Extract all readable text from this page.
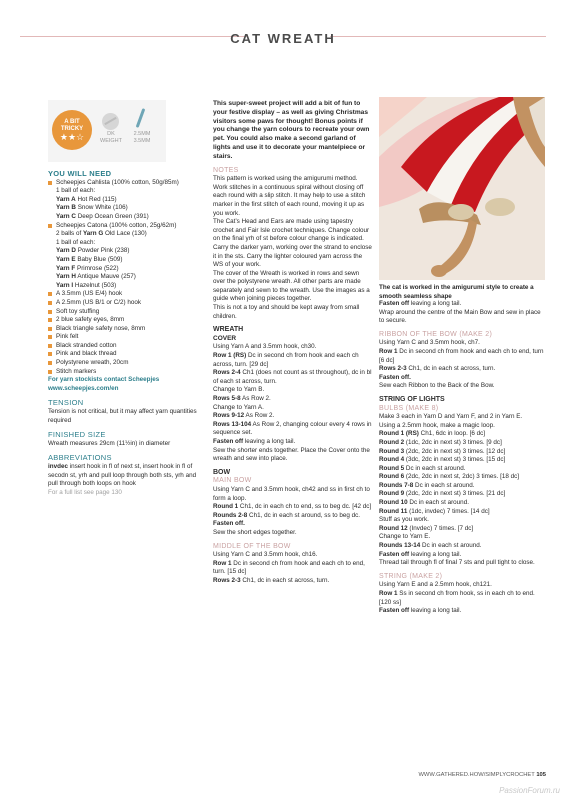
CAT WREATH
A BIT
TRICKY
★★☆	DK
WEIGHT
2.5MM
3.5MM
YOU WILL NEED
Scheepjes Cahlista (100% cotton, 50g/85m)
1 ball of each:
Yarn A Hot Red (115)
Yarn B Snow White (106)
Yarn C Deep Ocean Green (391)
Scheepjes Catona (100% cotton, 25g/62m)
2 balls of Yarn G Old Lace (130)
1 ball of each:
Yarn D Powder Pink (238)
Yarn E Baby Blue (509)
Yarn F Primrose (522)
Yarn H Antique Mauve (257)
Yarn I Hazelnut (503)
A 3.5mm (US E/4) hook
A 2.5mm (US B/1 or C/2) hook
Soft toy stuffing
2 blue safety eyes, 8mm
Black triangle safety nose, 8mm
Pink felt
Black stranded cotton
Pink and black thread
Polystyrene wreath, 20cm
Stitch markers
For yarn stockists contact Scheepjes www.scheepjes.com/en
TENSION

Tension is not critical, but it may affect yarn quantities required

FINISHED SIZE

Wreath measures 29cm (11½in) in diameter

ABBREVIATIONS

invdec insert hook in fl of next st, insert hook in fl of secodn st, yrh and pull loop through both sts, yrh and pull through both loops on hook

For a full list see page 130

This super-sweet project will add a bit of fun to your festive display – as well as giving Christmas visitors some paws for thought! Bonus points if you change the yarn colours to recreate your own pet. You could also make a second garland of lights and use it to decorate your mantelpiece or stairs.

NOTES

This pattern is worked using the amigurumi method. Work stitches in a continuous spiral without closing off each round with a slip stitch. It may help to use a stitch marker in the first stitch of each round, moving it up as you work.

The Cat’s Head and Ears are made using tapestry crochet and Fair Isle crochet techniques. Change colour on the final yrh of st before colour change is indicated. Carry the darker yarn, working over the strand to enclose it in the sts. Carry the lighter coloured yarn across the WS of your work.

The cover of the Wreath is worked in rows and sewn over the polystyrene wreath. All other parts are made separately and sewn to the wreath. Use the images as a guide when joining pieces together.

This is not a toy and should be kept away from small children.

WREATH
COVER

Using Yarn A and 3.5mm hook, ch30.

Row 1 (RS) Dc in second ch from hook and each ch across, turn. [29 dc]

Rows 2-4 Ch1 (does not count as st throughout), dc in bl of each st across, turn.

Change to Yarn B.

Rows 5-8 As Row 2.

Change to Yarn A.

Rows 9-12 As Row 2.

Rows 13-104 As Row 2, changing colour every 4 rows in sequence set.

Fasten off leaving a long tail.

Sew the shorter ends together. Place the Cover onto the wreath and sew into place.

BOW
MAIN BOW

Using Yarn C and 3.5mm hook, ch42 and ss in first ch to form a loop.

Round 1 Ch1, dc in each ch to end, ss to beg dc. [42 dc]

Rounds 2-8 Ch1, dc in each st around, ss to beg dc.

Fasten off.

Sew the short edges together.

MIDDLE OF THE BOW

Using Yarn C and 3.5mm hook, ch16.

Row 1 Dc in second ch from hook and each ch to end, turn. [15 dc]

Rows 2-3 Ch1, dc in each st across, turn.

The cat is worked in the amigurumi style to create a smooth seamless shape

Fasten off leaving a long tail.

Wrap around the centre of the Main Bow and sew in place to secure.

RIBBON OF THE BOW (MAKE 2)

Using Yarn C and 3.5mm hook, ch7.

Row 1 Dc in second ch from hook and each ch to end, turn [6 dc]

Rows 2-3 Ch1, dc in each st across, turn.

Fasten off.

Sew each Ribbon to the Back of the Bow.

STRING OF LIGHTS
BULBS (MAKE 8)

Make 3 each in Yarn D and Yarn F, and 2 in Yarn E.

Using a 2.5mm hook, make a magic loop.

Round 1 (RS) Ch1, 6dc in loop. [6 dc]

Round 2 (1dc, 2dc in next st) 3 times. [9 dc]

Round 3 (2dc, 2dc in next st) 3 times. [12 dc]

Round 4 (3dc, 2dc in next st) 3 times. [15 dc]

Round 5 Dc in each st around.

Round 6 (2dc, 2dc in next st, 2dc) 3 times. [18 dc]

Rounds 7-8 Dc in each st around.

Round 9 (2dc, 2dc in next st) 3 times. [21 dc]

Round 10 Dc in each st around.

Round 11 (1dc, invdec) 7 times. [14 dc]

Stuff as you work.

Round 12 (Invdec) 7 times. [7 dc]

Change to Yarn E.

Rounds 13-14 Dc in each st around.

Fasten off leaving a long tail.

Thread tail through fl of final 7 sts and pull tight to close.

STRING (MAKE 2)

Using Yarn E and a 2.5mm hook, ch121.

Row 1 Ss in second ch from hook, ss in each ch to end. [120 ss]

Fasten off leaving a long tail.

WWW.GATHERED.HOW/SIMPLYCROCHET 105
PassionForum.ru
